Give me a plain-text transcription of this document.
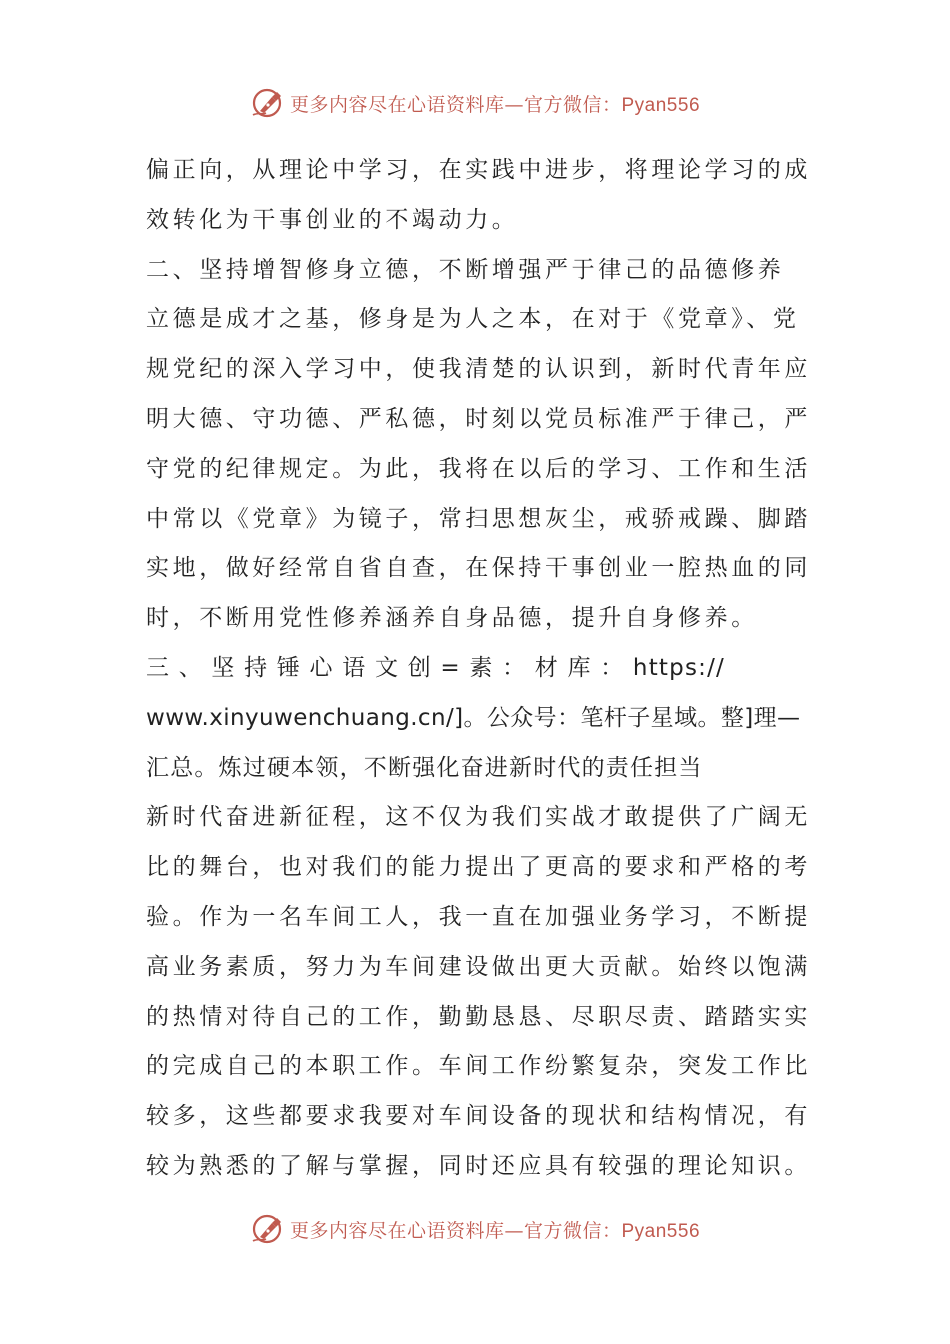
更多内容尽在心语资料库—官方微信：Pyan556
偏正向，从理论中学习，在实践中进步，将理论学习的成
效转化为干事创业的不竭动力。
二、坚持增智修身立德，不断增强严于律己的品德修养
立德是成才之基，修身是为人之本，在对于《党章》、党
规党纪的深入学习中，使我清楚的认识到，新时代青年应
明大德、守功德、严私德，时刻以党员标准严于律己，严
守党的纪律规定。为此，我将在以后的学习、工作和生活
中常以《党章》为镜子，常扫思想灰尘，戒骄戒躁、脚踏
实地，做好经常自省自查，在保持干事创业一腔热血的同
时，不断用党性修养涵养自身品德，提升自身修养。
三 、 坚 持 锤 心 语 文 创 = 素 ： 材 库 ： https://
www.xinyuwenchuang.cn/]。公众号：笔杆子星域。整]理—
汇总。炼过硬本领，不断强化奋进新时代的责任担当
新时代奋进新征程，这不仅为我们实战才敢提供了广阔无
比的舞台，也对我们的能力提出了更高的要求和严格的考
验。作为一名车间工人，我一直在加强业务学习，不断提
高业务素质，努力为车间建设做出更大贡献。始终以饱满
的热情对待自己的工作，勤勤恳恳、尽职尽责、踏踏实实
的完成自己的本职工作。车间工作纷繁复杂，突发工作比
较多，这些都要求我要对车间设备的现状和结构情况，有
较为熟悉的了解与掌握，同时还应具有较强的理论知识。
更多内容尽在心语资料库—官方微信：Pyan556
